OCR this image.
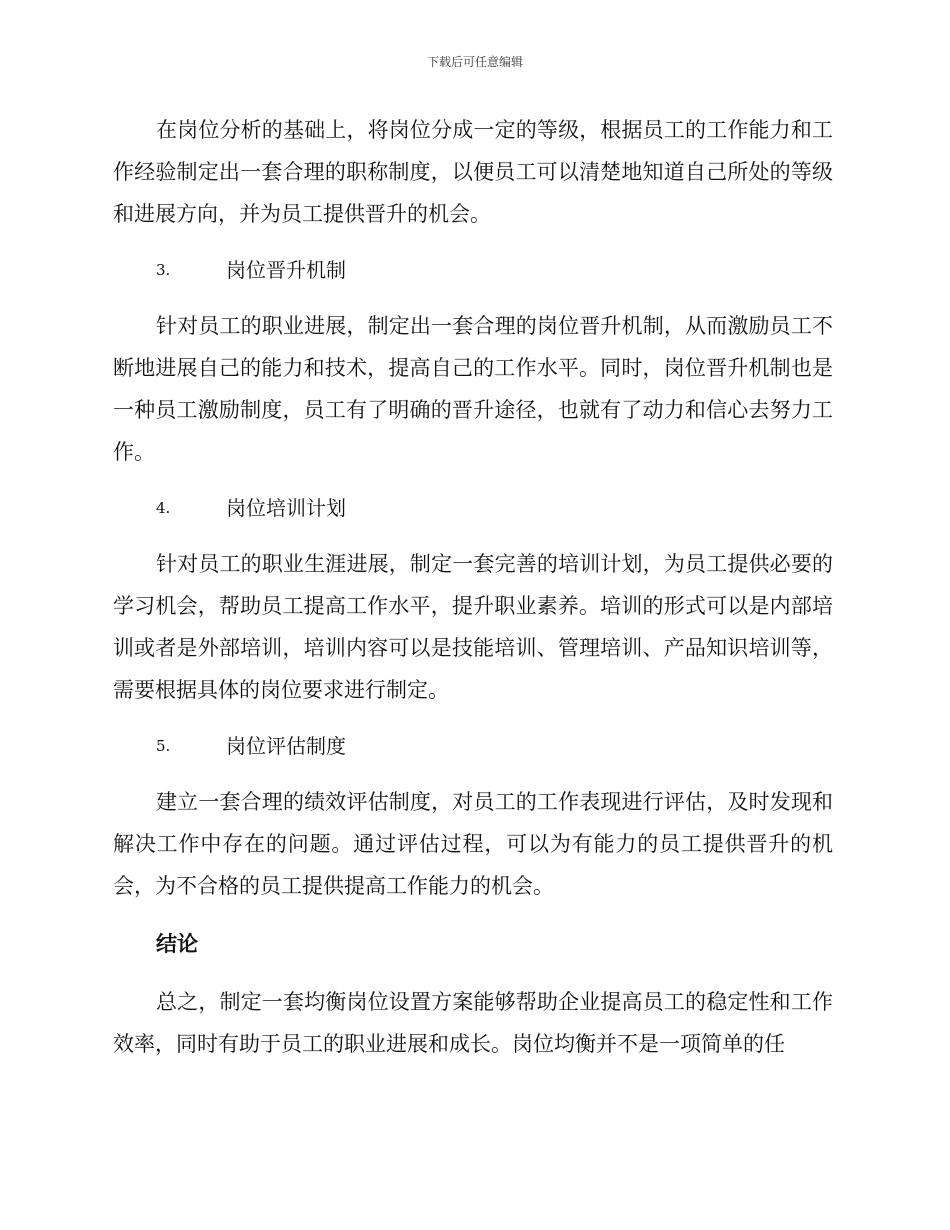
下载后可任意编辑

在岗位分析的基础上，将岗位分成一定的等级，根据员工的工作能力和工作经验制定出一套合理的职称制度，以便员工可以清楚地知道自己所处的等级和进展方向，并为员工提供晋升的机会。

3.	岗位晋升机制

针对员工的职业进展，制定出一套合理的岗位晋升机制，从而激励员工不断地进展自己的能力和技术，提高自己的工作水平。同时，岗位晋升机制也是一种员工激励制度，员工有了明确的晋升途径，也就有了动力和信心去努力工作。

4.	岗位培训计划

针对员工的职业生涯进展，制定一套完善的培训计划，为员工提供必要的学习机会，帮助员工提高工作水平，提升职业素养。培训的形式可以是内部培训或者是外部培训，培训内容可以是技能培训、管理培训、产品知识培训等，需要根据具体的岗位要求进行制定。

5.	岗位评估制度

建立一套合理的绩效评估制度，对员工的工作表现进行评估，及时发现和解决工作中存在的问题。通过评估过程，可以为有能力的员工提供晋升的机会，为不合格的员工提供提高工作能力的机会。

结论

总之，制定一套均衡岗位设置方案能够帮助企业提高员工的稳定性和工作效率，同时有助于员工的职业进展和成长。岗位均衡并不是一项简单的任
